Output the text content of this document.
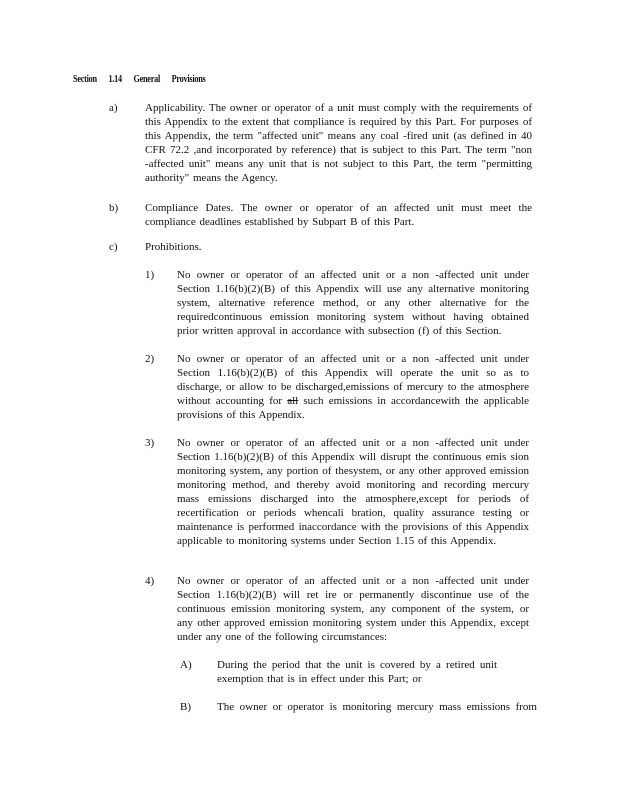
Section 1.14 General Provisions
a) Applicability. The owner or operator of a unit must comply with the requirements of this Appendix to the extent that compliance is required by this Part. For purposes of this Appendix, the term "affected unit" means any coal -fired unit (as defined in 40 CFR 72.2 ,and incorporated by reference) that is subject to this Part. The term "non -affected unit" means any unit that is not subject to this Part, the term "permitting authority" means the Agency.
b) Compliance Dates. The owner or operator of an affected unit must meet the compliance deadlines established by Subpart B of this Part.
c) Prohibitions.
1) No owner or operator of an affected unit or a non -affected unit under Section 1.16(b)(2)(B) of this Appendix will use any alternative monitoring system, alternative reference method, or any other alternative for the requiredcontinuous emission monitoring system without having obtained prior written approval in accordance with subsection (f) of this Section.
2) No owner or operator of an affected unit or a non -affected unit under Section 1.16(b)(2)(B) of this Appendix will operate the unit so as to discharge, or allow to be discharged,emissions of mercury to the atmosphere without accounting for all such emissions in accordancewith the applicable provisions of this Appendix.
3) No owner or operator of an affected unit or a non -affected unit under Section 1.16(b)(2)(B) of this Appendix will disrupt the continuous emis sion monitoring system, any portion of thesystem, or any other approved emission monitoring method, and thereby avoid monitoring and recording mercury mass emissions discharged into the atmosphere,except for periods of recertification or periods whencali bration, quality assurance testing or maintenance is performed inaccordance with the provisions of this Appendix applicable to monitoring systems under Section 1.15 of this Appendix.
4) No owner or operator of an affected unit or a non -affected unit under Section 1.16(b)(2)(B) will ret ire or permanently discontinue use of the continuous emission monitoring system, any component of the system, or any other approved emission monitoring system under this Appendix, except under any one of the following circumstances:
A) During the period that the unit is covered by a retired unit exemption that is in effect under this Part; or
B) The owner or operator is monitoring mercury mass emissions from
